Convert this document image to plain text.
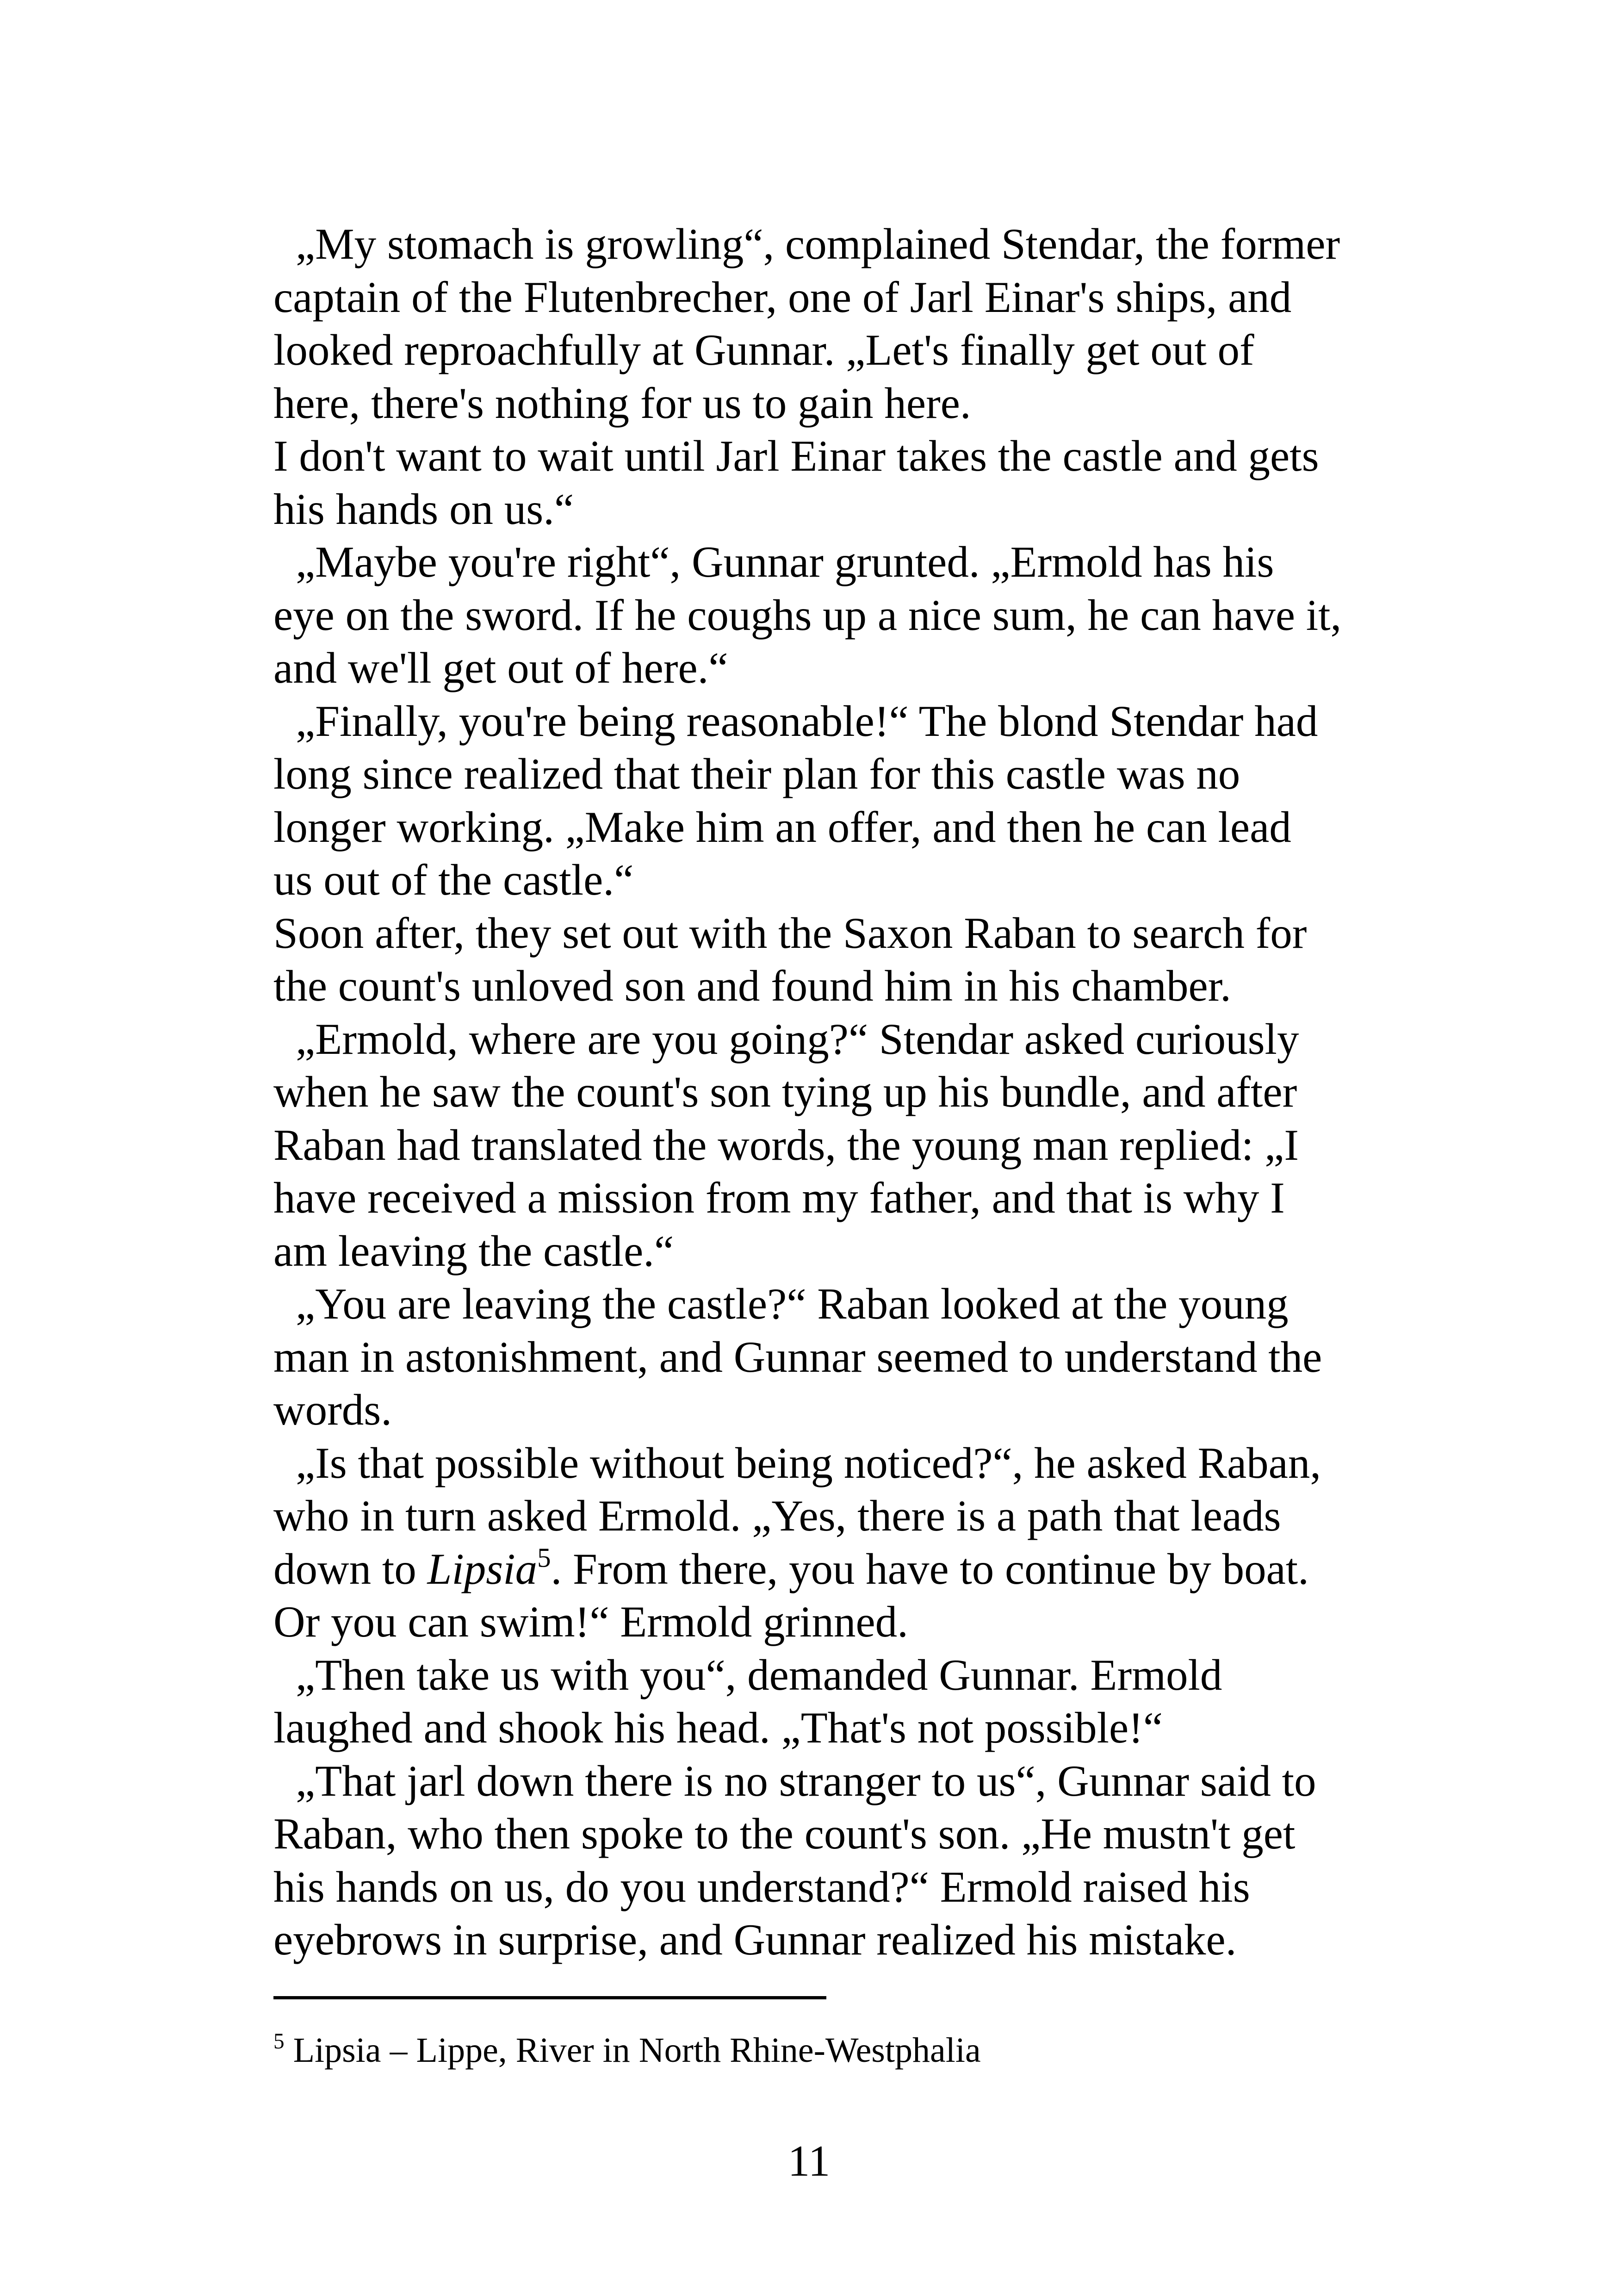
„My stomach is growling“, complained Stendar, the former
captain of the Flutenbrecher, one of Jarl Einar's ships, and
looked reproachfully at Gunnar. „Let's finally get out of
here, there's nothing for us to gain here.
I don't want to wait until Jarl Einar takes the castle and gets
his hands on us.“
„Maybe you're right“, Gunnar grunted. „Ermold has his
eye on the sword. If he coughs up a nice sum, he can have it,
and we'll get out of here.“
„Finally, you're being reasonable!“ The blond Stendar had
long since realized that their plan for this castle was no
longer working. „Make him an offer, and then he can lead
us out of the castle.“
Soon after, they set out with the Saxon Raban to search for
the count's unloved son and found him in his chamber.
„Ermold, where are you going?“ Stendar asked curiously
when he saw the count's son tying up his bundle, and after
Raban had translated the words, the young man replied: „I
have received a mission from my father, and that is why I
am leaving the castle.“
„You are leaving the castle?“ Raban looked at the young
man in astonishment, and Gunnar seemed to understand the
words.
„Is that possible without being noticed?“, he asked Raban,
who in turn asked Ermold. „Yes, there is a path that leads
down to Lipsia$^5$. From there, you have to continue by boat.
Or you can swim!“ Ermold grinned.
„Then take us with you“, demanded Gunnar. Ermold
laughed and shook his head. „That's not possible!“
„That jarl down there is no stranger to us“, Gunnar said to
Raban, who then spoke to the count's son. „He mustn't get
his hands on us, do you understand?“ Ermold raised his
eyebrows in surprise, and Gunnar realized his mistake.
$^5$ Lipsia – Lippe, River in North Rhine-Westphalia
11
